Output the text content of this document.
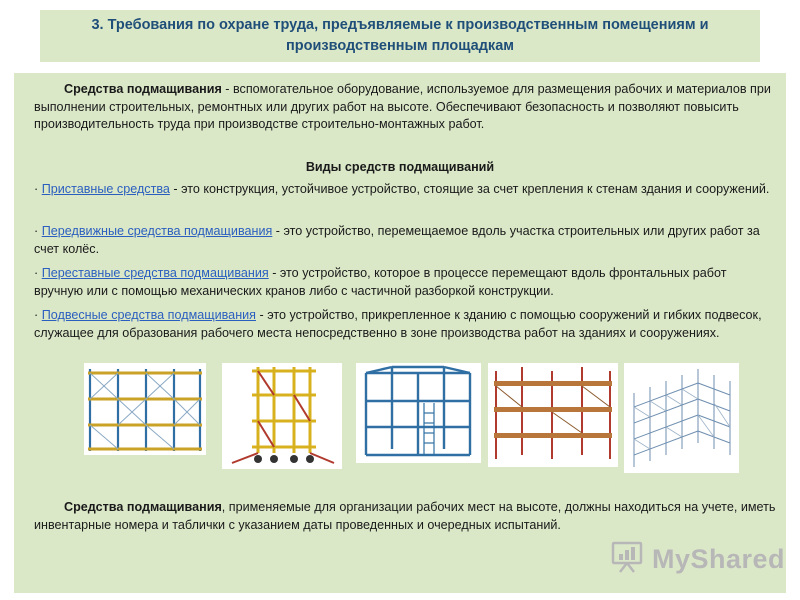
3. Требования по охране труда, предъявляемые к производственным помещениям и производственным площадкам
Средства подмащивания - вспомогательное оборудование, используемое для размещения рабочих и материалов при выполнении строительных, ремонтных или других работ на высоте. Обеспечивают безопасность и позволяют повысить производительность труда при производстве строительно-монтажных работ.
Виды средств подмащиваний
· Приставные средства - это конструкция, устойчивое устройство, стоящие за счет крепления к стенам здания и сооружений.
· Передвижные средства подмащивания - это устройство, перемещаемое вдоль участка строительных или других работ за счет колёс.
· Переставные средства подмащивания - это устройство, которое в процессе перемещают вдоль фронтальных работ вручную или с помощью механических кранов либо с частичной разборкой конструкции.
· Подвесные средства подмащивания - это устройство, прикрепленное к зданию с помощью сооружений и гибких подвесок, служащее для образования рабочего места непосредственно в зоне производства работ на зданиях и сооружениях.
Средства подмащивания, применяемые для организации рабочих мест на высоте, должны находиться на учете, иметь инвентарные номера и таблички с указанием даты проведенных и очередных испытаний.
MyShared
